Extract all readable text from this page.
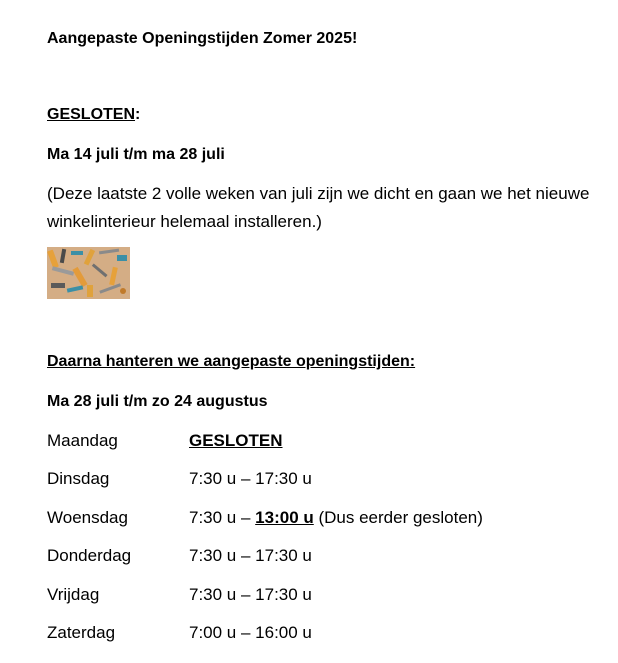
Aangepaste Openingstijden Zomer 2025!
GESLOTEN:
Ma 14 juli t/m ma 28 juli
(Deze laatste 2 volle weken van juli zijn we dicht en gaan we het nieuwe winkelinterieur helemaal installeren.)
Daarna hanteren we aangepaste openingstijden:
Ma 28 juli t/m zo 24 augustus
Maandag	GESLOTEN
Dinsdag	7:30 u – 17:30 u
Woensdag	7:30 u – 13:00 u (Dus eerder gesloten)
Donderdag	7:30 u – 17:30 u
Vrijdag	7:30 u – 17:30 u
Zaterdag	7:00 u – 16:00 u
